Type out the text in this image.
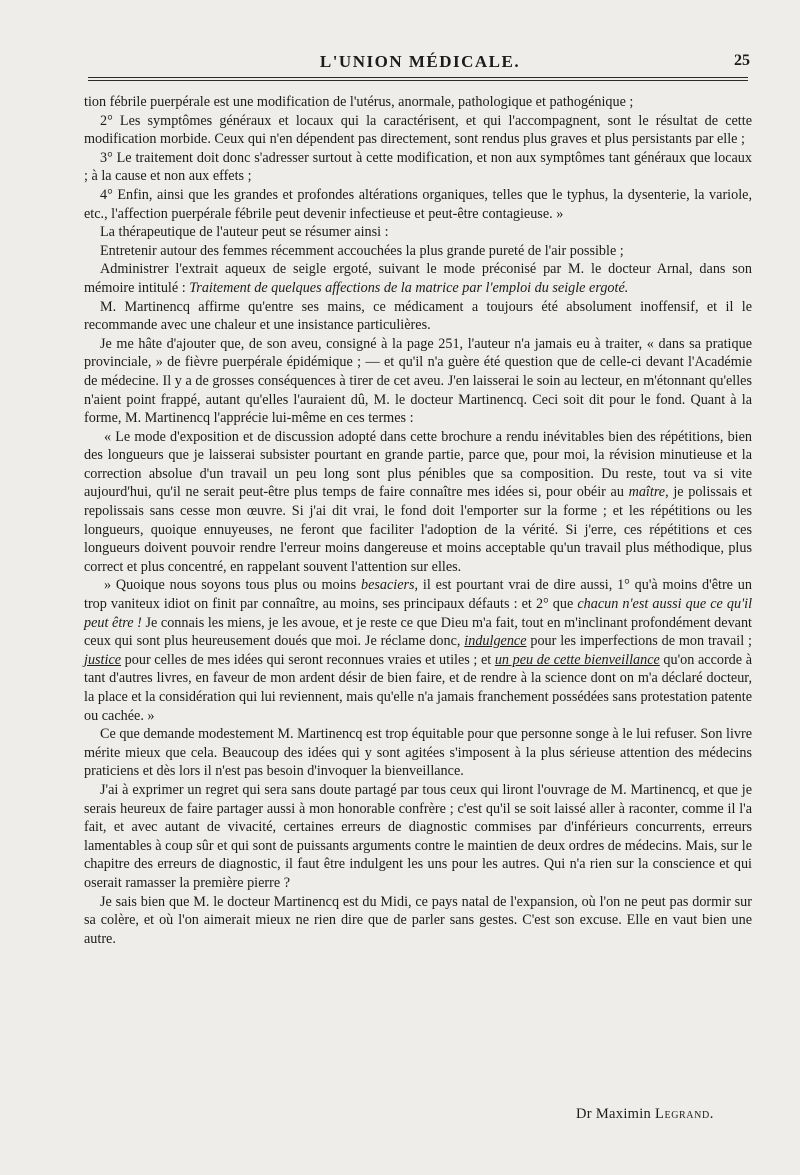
L'UNION MÉDICALE.	25

tion fébrile puerpérale est une modification de l'utérus, anormale, pathologique et pathogénique ;

2° Les symptômes généraux et locaux qui la caractérisent, et qui l'accompagnent, sont le résultat de cette modification morbide. Ceux qui n'en dépendent pas directement, sont rendus plus graves et plus persistants par elle ;

3° Le traitement doit donc s'adresser surtout à cette modification, et non aux symptômes tant généraux que locaux ; à la cause et non aux effets ;

4° Enfin, ainsi que les grandes et profondes altérations organiques, telles que le typhus, la dysenterie, la variole, etc., l'affection puerpérale fébrile peut devenir infectieuse et peut-être contagieuse. »

La thérapeutique de l'auteur peut se résumer ainsi :

Entretenir autour des femmes récemment accouchées la plus grande pureté de l'air possible ;

Administrer l'extrait aqueux de seigle ergoté, suivant le mode préconisé par M. le docteur Arnal, dans son mémoire intitulé : Traitement de quelques affections de la matrice par l'emploi du seigle ergoté.

M. Martinencq affirme qu'entre ses mains, ce médicament a toujours été absolument inoffensif, et il le recommande avec une chaleur et une insistance particulières.

Je me hâte d'ajouter que, de son aveu, consigné à la page 251, l'auteur n'a jamais eu à traiter, « dans sa pratique provinciale, » de fièvre puerpérale épidémique ; — et qu'il n'a guère été question que de celle-ci devant l'Académie de médecine. Il y a de grosses conséquences à tirer de cet aveu. J'en laisserai le soin au lecteur, en m'étonnant qu'elles n'aient point frappé, autant qu'elles l'auraient dû, M. le docteur Martinencq. Ceci soit dit pour le fond. Quant à la forme, M. Martinencq l'apprécie lui-même en ces termes :

« Le mode d'exposition et de discussion adopté dans cette brochure a rendu inévitables bien des répétitions, bien des longueurs que je laisserai subsister pourtant en grande partie, parce que, pour moi, la révision minutieuse et la correction absolue d'un travail un peu long sont plus pénibles que sa composition. Du reste, tout va si vite aujourd'hui, qu'il ne serait peut-être plus temps de faire connaître mes idées si, pour obéir au maître, je polissais et repolissais sans cesse mon œuvre. Si j'ai dit vrai, le fond doit l'emporter sur la forme ; et les répétitions ou les longueurs, quoique ennuyeuses, ne feront que faciliter l'adoption de la vérité. Si j'erre, ces répétitions et ces longueurs doivent pouvoir rendre l'erreur moins dangereuse et moins acceptable qu'un travail plus méthodique, plus correct et plus concentré, en rappelant souvent l'attention sur elles.

» Quoique nous soyons tous plus ou moins besaciers, il est pourtant vrai de dire aussi, 1° qu'à moins d'être un trop vaniteux idiot on finit par connaître, au moins, ses principaux défauts : et 2° que chacun n'est aussi que ce qu'il peut être ! Je connais les miens, je les avoue, et je reste ce que Dieu m'a fait, tout en m'inclinant profondément devant ceux qui sont plus heureusement doués que moi. Je réclame donc, indulgence pour les imperfections de mon travail ; justice pour celles de mes idées qui seront reconnues vraies et utiles ; et un peu de cette bienveillance qu'on accorde à tant d'autres livres, en faveur de mon ardent désir de bien faire, et de rendre à la science dont on m'a déclaré docteur, la place et la considération qui lui reviennent, mais qu'elle n'a jamais franchement possédées sans protestation patente ou cachée. »

Ce que demande modestement M. Martinencq est trop équitable pour que personne songe à le lui refuser. Son livre mérite mieux que cela. Beaucoup des idées qui y sont agitées s'imposent à la plus sérieuse attention des médecins praticiens et dès lors il n'est pas besoin d'invoquer la bienveillance.

J'ai à exprimer un regret qui sera sans doute partagé par tous ceux qui liront l'ouvrage de M. Martinencq, et que je serais heureux de faire partager aussi à mon honorable confrère ; c'est qu'il se soit laissé aller à raconter, comme il l'a fait, et avec autant de vivacité, certaines erreurs de diagnostic commises par d'inférieurs concurrents, erreurs lamentables à coup sûr et qui sont de puissants arguments contre le maintien de deux ordres de médecins. Mais, sur le chapitre des erreurs de diagnostic, il faut être indulgent les uns pour les autres. Qui n'a rien sur la conscience et qui oserait ramasser la première pierre ?

Je sais bien que M. le docteur Martinencq est du Midi, ce pays natal de l'expansion, où l'on ne peut pas dormir sur sa colère, et où l'on aimerait mieux ne rien dire que de parler sans gestes. C'est son excuse. Elle en vaut bien une autre.

Dr Maximin Legrand.
